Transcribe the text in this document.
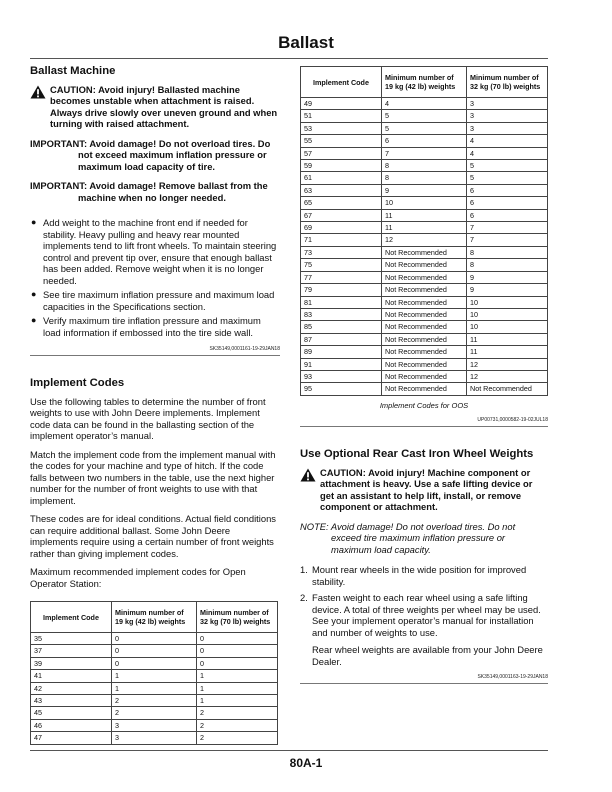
Ballast
Ballast Machine
CAUTION: Avoid injury! Ballasted machine becomes unstable when attachment is raised. Always drive slowly over uneven ground and when turning with raised attachment.
IMPORTANT: Avoid damage! Do not overload tires. Do not exceed maximum inflation pressure or maximum load capacity of tire.
IMPORTANT: Avoid damage! Remove ballast from the machine when no longer needed.
● Add weight to the machine front end if needed for stability. Heavy pulling and heavy rear mounted implements tend to lift front wheels. To maintain steering control and prevent tip over, ensure that enough ballast has been added. Remove weight when it is no longer needed.
● See tire maximum inflation pressure and maximum load capacities in the Specifications section.
● Verify maximum tire inflation pressure and maximum load information if embossed into the tire side wall.
SK35149,0001161-19-29JAN18
Implement Codes

Use the following tables to determine the number of front weights to use with John Deere implements. Implement code data can be found in the ballasting section of the implement operator’s manual.

Match the implement code from the implement manual with the codes for your machine and type of hitch. If the code falls between two numbers in the table, use the next higher number for the number of front weights to use with that implement.

These codes are for ideal conditions. Actual field conditions can require additional ballast. Some John Deere implements require using a certain number of front weights rather than giving implement codes.

Maximum recommended implement codes for Open Operator Station:

Implement Code	Minimum number of 19 kg (42 lb) weights	Minimum number of 32 kg (70 lb) weights
35	0	0
37	0	0
39	0	0
41	1	1
42	1	1
43	2	1
45	2	2
46	3	2
47	3	2
Implement Code	Minimum number of 19 kg (42 lb) weights	Minimum number of 32 kg (70 lb) weights
49	4	3
51	5	3
53	5	3
55	6	4
57	7	4
59	8	5
61	8	5
63	9	6
65	10	6
67	11	6
69	11	7
71	12	7
73	Not Recommended	8
75	Not Recommended	8
77	Not Recommended	9
79	Not Recommended	9
81	Not Recommended	10
83	Not Recommended	10
85	Not Recommended	10
87	Not Recommended	11
89	Not Recommended	11
91	Not Recommended	12
93	Not Recommended	12
95	Not Recommended	Not Recommended
Implement Codes for OOS
UP00731,0000582-19-02JUL18
Use Optional Rear Cast Iron Wheel Weights
CAUTION: Avoid injury! Machine component or attachment is heavy. Use a safe lifting device or get an assistant to help lift, install, or remove component or attachment.
NOTE: Avoid damage! Do not overload tires. Do not exceed tire maximum inflation pressure or maximum load capacity.
1. Mount rear wheels in the wide position for improved stability.
2. Fasten weight to each rear wheel using a safe lifting device. A total of three weights per wheel may be used. See your implement operator’s manual for installation and number of weights to use.

Rear wheel weights are available from your John Deere Dealer.

SK35149,0001163-19-29JAN18
80A-1
